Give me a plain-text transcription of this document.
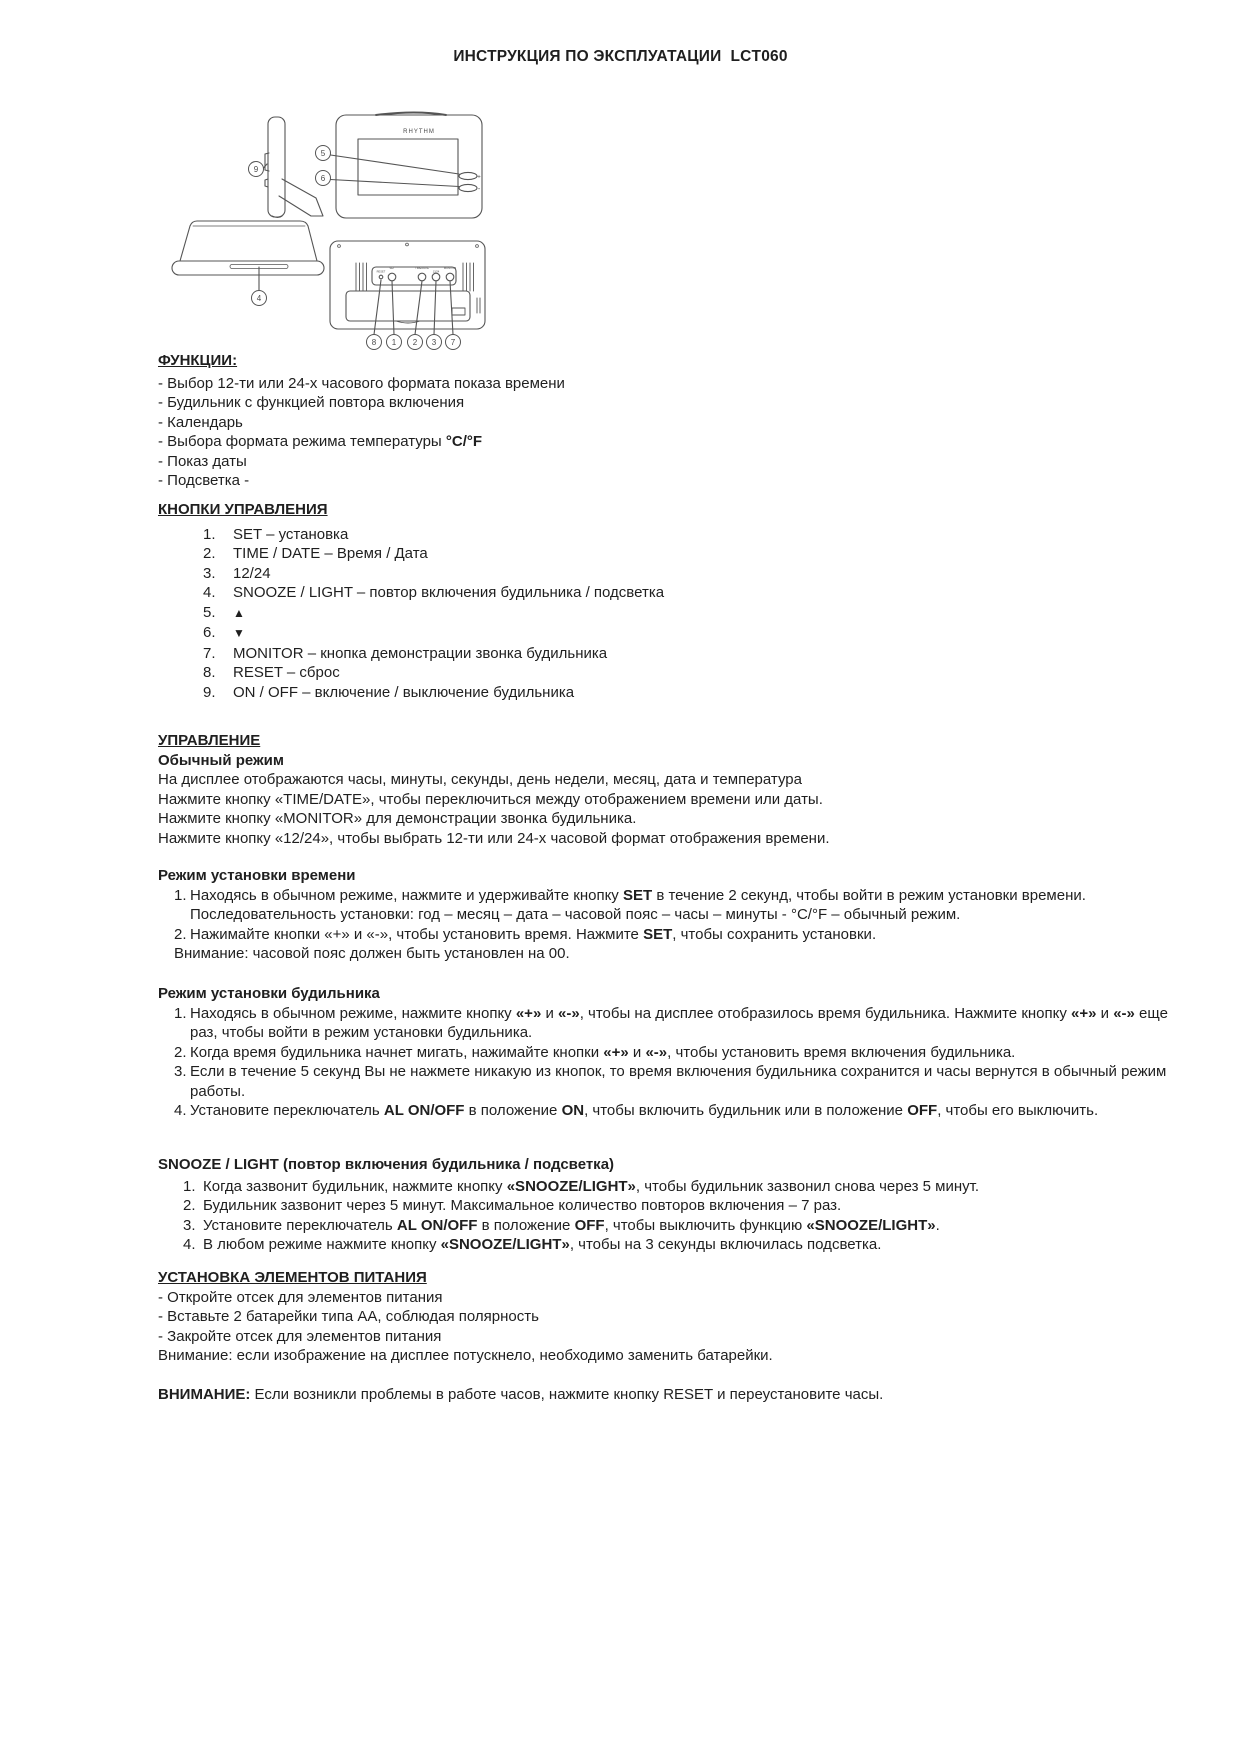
ИНСТРУКЦИЯ ПО ЭКСПЛУАТАЦИИ  LCT060
RHYTHM
+
-
RESET
SET	TIME/DATE
12/24
MONITOR
9
5
6
4
8 1 2 3 7
ФУНКЦИИ:
- Выбор 12-ти или 24-х часового формата показа времени
- Будильник с функцией повтора включения
- Календарь
- Выбора формата режима температуры °C/°F
- Показ даты
- Подсветка -
КНОПКИ УПРАВЛЕНИЯ
1. SET – установка
2. TIME / DATE – Время / Дата
3. 12/24
4. SNOOZE / LIGHT – повтор включения будильника / подсветка
5. ▲
6. ▼
7. MONITOR – кнопка демонстрации звонка будильника
8. RESET – сброс
9. ON / OFF – включение / выключение будильника
УПРАВЛЕНИЕ
Обычный режим
На дисплее отображаются часы, минуты, секунды, день недели, месяц, дата и температура
Нажмите кнопку «TIME/DATE», чтобы переключиться между отображением времени или даты.
Нажмите кнопку «MONITOR» для демонстрации звонка будильника.
Нажмите кнопку «12/24», чтобы выбрать 12-ти или 24-х часовой формат отображения времени.
Режим установки времени
1. Находясь в обычном режиме, нажмите и удерживайте кнопку SET в течение 2 секунд, чтобы войти в режим установки времени. Последовательность установки: год – месяц – дата – часовой пояс – часы – минуты - °C/°F – обычный режим.
2. Нажимайте кнопки «+» и «-», чтобы установить время. Нажмите SET, чтобы сохранить установки.
Внимание: часовой пояс должен быть установлен на 00.
Режим установки будильника
1. Находясь в обычном режиме, нажмите кнопку «+» и «-», чтобы на дисплее отобразилось время будильника. Нажмите кнопку «+» и «-» еще раз, чтобы войти в режим установки будильника.
2. Когда время будильника начнет мигать, нажимайте кнопки «+» и «-», чтобы установить время включения будильника.
3. Если в течение 5 секунд Вы не нажмете никакую из кнопок, то время включения будильника сохранится и часы вернутся в обычный режим работы.
4. Установите переключатель AL ON/OFF в положение ON, чтобы включить будильник или в положение OFF, чтобы его выключить.
SNOOZE / LIGHT (повтор включения будильника / подсветка)
1. Когда зазвонит будильник, нажмите кнопку «SNOOZE/LIGHT», чтобы будильник зазвонил снова через 5 минут.
2. Будильник зазвонит через 5 минут. Максимальное количество повторов включения – 7 раз.
3. Установите переключатель AL ON/OFF в положение OFF, чтобы выключить функцию «SNOOZE/LIGHT».
4. В любом режиме нажмите кнопку «SNOOZE/LIGHT», чтобы на 3 секунды включилась подсветка.
УСТАНОВКА ЭЛЕМЕНТОВ ПИТАНИЯ
- Откройте отсек для элементов питания
- Вставьте 2 батарейки типа АА, соблюдая полярность
- Закройте отсек для элементов питания
Внимание: если изображение на дисплее потускнело, необходимо заменить батарейки.
ВНИМАНИЕ: Если возникли проблемы в работе часов, нажмите кнопку RESET и переустановите часы.
